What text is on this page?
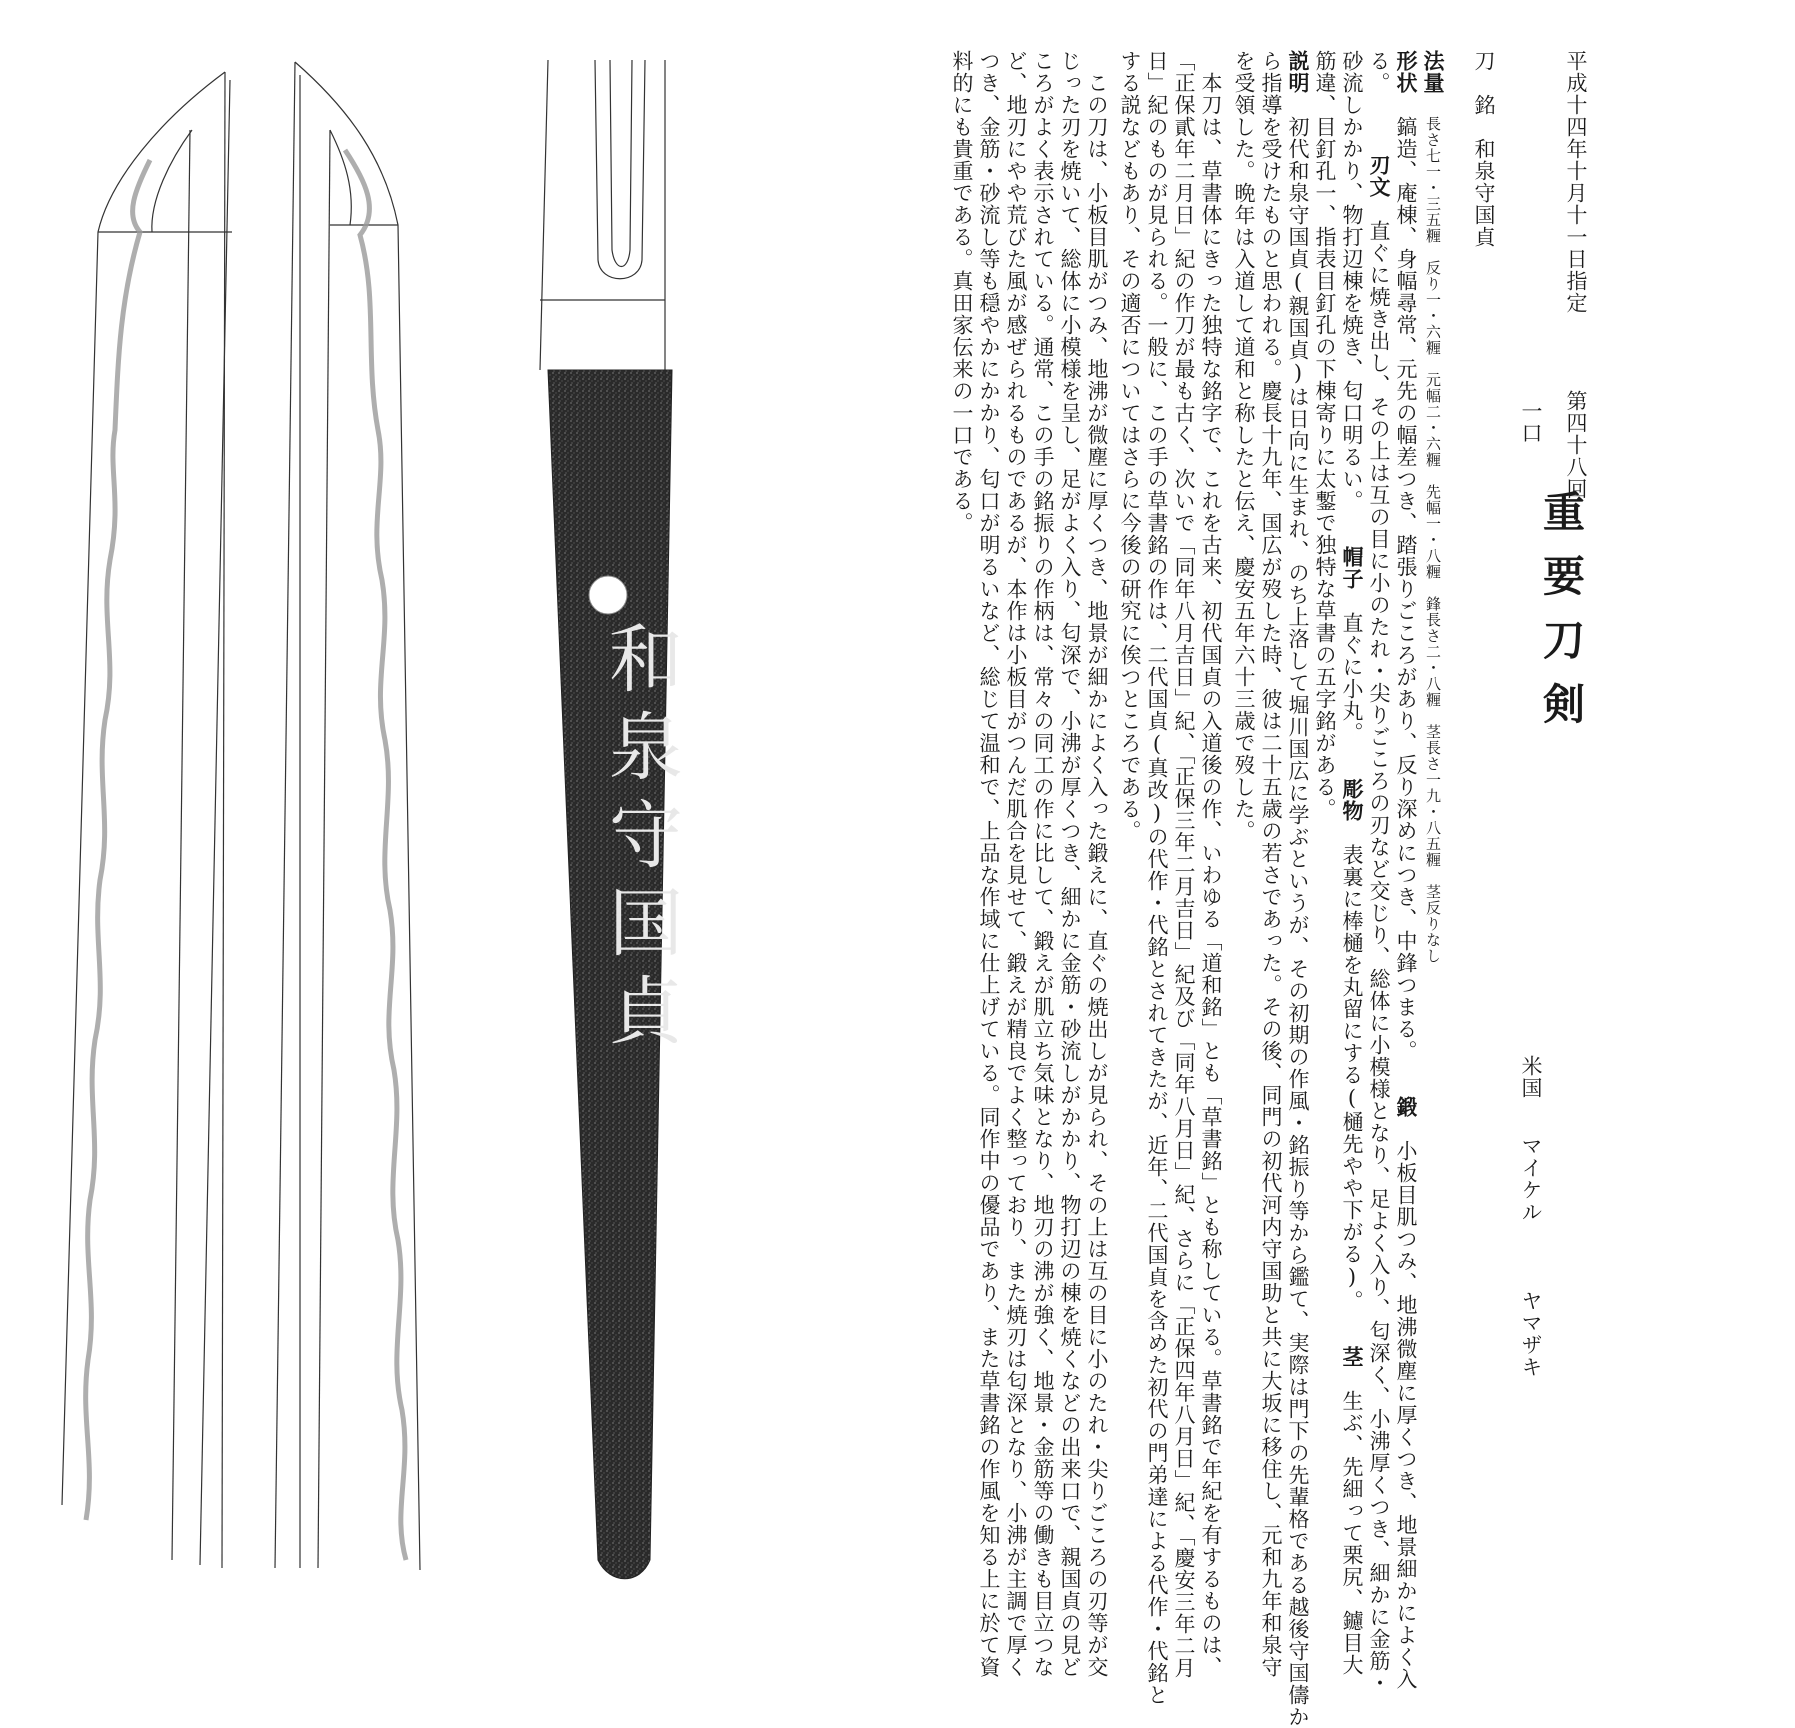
和泉守国貞
平成十四年十月十一日指定
第四十八回
重要刀剣
一口
米国
マイケル
ヤマザキ
刀銘和泉守国貞
法量長さ七一・三五糎　反り一・六糎　元幅二・六糎　先幅一・八糎　鋒長さ二・八糎　茎長さ一九・八五糎　茎反りなし
形状鎬造、庵棟、身幅尋常、元先の幅差つき、踏張りごころがあり、反り深めにつき、中鋒つまる。鍛小板目肌つみ、地沸微塵に厚くつき、地景細かによく入
る。刃文直ぐに焼き出し、その上は互の目に小のたれ・尖りごころの刃など交じり、総体に小模様となり、足よく入り、匂深く、小沸厚くつき、細かに金筋・
砂流しかかり、物打辺棟を焼き、匂口明るい。帽子直ぐに小丸。彫物表裏に棒樋を丸留にする(樋先やや下がる)。茎生ぶ、先細って栗尻、鑢目大
筋違、目釘孔一、指表目釘孔の下棟寄りに太鏨で独特な草書の五字銘がある。
説明初代和泉守国貞(親国貞)は日向に生まれ、のち上洛して堀川国広に学ぶというが、その初期の作風・銘振り等から鑑て、実際は門下の先輩格である越後守国儔か
ら指導を受けたものと思われる。慶長十九年、国広が歿した時、彼は二十五歳の若さであった。その後、同門の初代河内守国助と共に大坂に移住し、元和九年和泉守
を受領した。晩年は入道して道和と称したと伝え、慶安五年六十三歳で歿した。
　本刀は、草書体にきった独特な銘字で、これを古来、初代国貞の入道後の作、いわゆる「道和銘」とも「草書銘」とも称している。草書銘で年紀を有するものは、
「正保貳年二月日」紀の作刀が最も古く、次いで「同年八月吉日」紀、「正保三年二月吉日」紀及び「同年八月日」紀、さらに「正保四年八月日」紀、「慶安三年二月
日」紀のものが見られる。一般に、この手の草書銘の作は、二代国貞(真改)の代作・代銘とされてきたが、近年、二代国貞を含めた初代の門弟達による代作・代銘と
する説などもあり、その適否についてはさらに今後の研究に俟つところである。
　この刀は、小板目肌がつみ、地沸が微塵に厚くつき、地景が細かによく入った鍛えに、直ぐの焼出しが見られ、その上は互の目に小のたれ・尖りごころの刃等が交
じった刃を焼いて、総体に小模様を呈し、足がよく入り、匂深で、小沸が厚くつき、細かに金筋・砂流しがかかり、物打辺の棟を焼くなどの出来口で、親国貞の見ど
ころがよく表示されている。通常、この手の銘振りの作柄は、常々の同工の作に比して、鍛えが肌立ち気味となり、地刃の沸が強く、地景・金筋等の働きも目立つな
ど、地刃にやや荒びた風が感ぜられるものであるが、本作は小板目がつんだ肌合を見せて、鍛えが精良でよく整っており、また焼刃は匂深となり、小沸が主調で厚く
つき、金筋・砂流し等も穏やかにかかり、匂口が明るいなど、総じて温和で、上品な作域に仕上げている。同作中の優品であり、また草書銘の作風を知る上に於て資
料的にも貴重である。真田家伝来の一口である。
